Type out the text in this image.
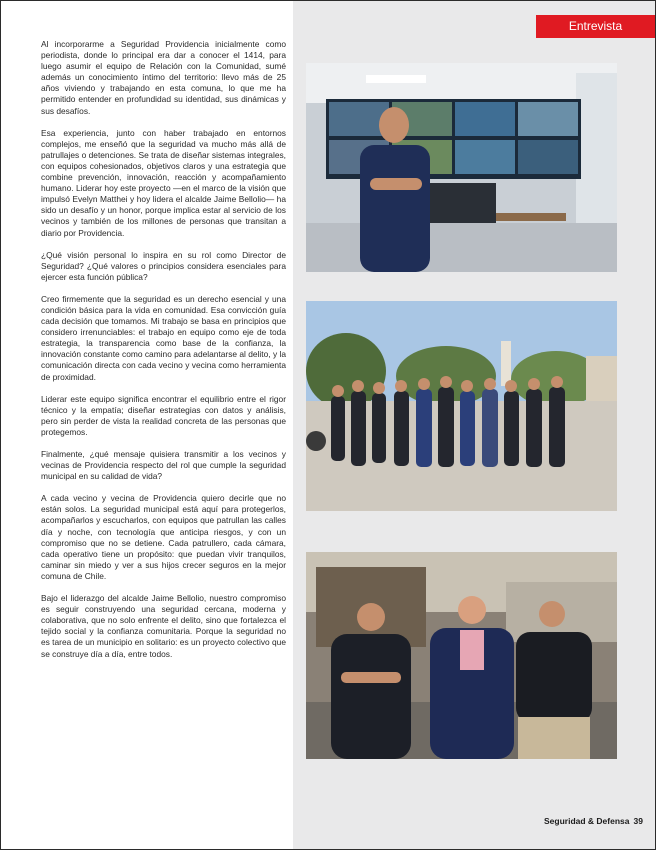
Entrevista

Al incorporarme a Seguridad Providencia inicialmente como periodista, donde lo principal era dar a conocer el 1414, para luego asumir el equipo de Relación con la Comunidad, sumé además un conocimiento íntimo del territorio: llevo más de 25 años viviendo y trabajando en esta comuna, lo que me ha permitido entender en profundidad su identidad, sus dinámicas y sus desafíos.

Esa experiencia, junto con haber trabajado en entornos complejos, me enseñó que la seguridad va mucho más allá de patrullajes o detenciones. Se trata de diseñar sistemas integrales, con equipos cohesionados, objetivos claros y una estrategia que combine prevención, innovación, reacción y acompañamiento humano. Liderar hoy este proyecto —en el marco de la visión que impulsó Evelyn Matthei y hoy lidera el alcalde Jaime Bellolio— ha sido un desafío y un honor, porque implica estar al servicio de los vecinos y también de los millones de personas que transitan a diario por Providencia.

¿Qué visión personal lo inspira en su rol como Director de Seguridad? ¿Qué valores o principios considera esenciales para ejercer esta función pública?

Creo firmemente que la seguridad es un derecho esencial y una condición básica para la vida en comunidad. Esa convicción guía cada decisión que tomamos. Mi trabajo se basa en principios que considero irrenunciables: el trabajo en equipo como eje de toda estrategia, la transparencia como base de la confianza, la innovación constante como camino para adelantarse al delito, y la comunicación directa con cada vecino y vecina como herramienta de proximidad.

Liderar este equipo significa encontrar el equilibrio entre el rigor técnico y la empatía; diseñar estrategias con datos y análisis, pero sin perder de vista la realidad concreta de las personas que protegemos.

Finalmente, ¿qué mensaje quisiera transmitir a los vecinos y vecinas de Providencia respecto del rol que cumple la seguridad municipal en su calidad de vida?

A cada vecino y vecina de Providencia quiero decirle que no están solos. La seguridad municipal está aquí para protegerlos, acompañarlos y escucharlos, con equipos que patrullan las calles día y noche, con tecnología que anticipa riesgos, y con un compromiso que no se detiene. Cada patrullero, cada cámara, cada operativo tiene un propósito: que puedan vivir tranquilos, caminar sin miedo y ver a sus hijos crecer seguros en la mejor comuna de Chile.

Bajo el liderazgo del alcalde Jaime Bellolio, nuestro compromiso es seguir construyendo una seguridad cercana, moderna y colaborativa, que no solo enfrente el delito, sino que fortalezca el tejido social y la confianza comunitaria. Porque la seguridad no es tarea de un municipio en solitario: es un proyecto colectivo que se construye día a día, entre todos.

Seguridad & Defensa 39
